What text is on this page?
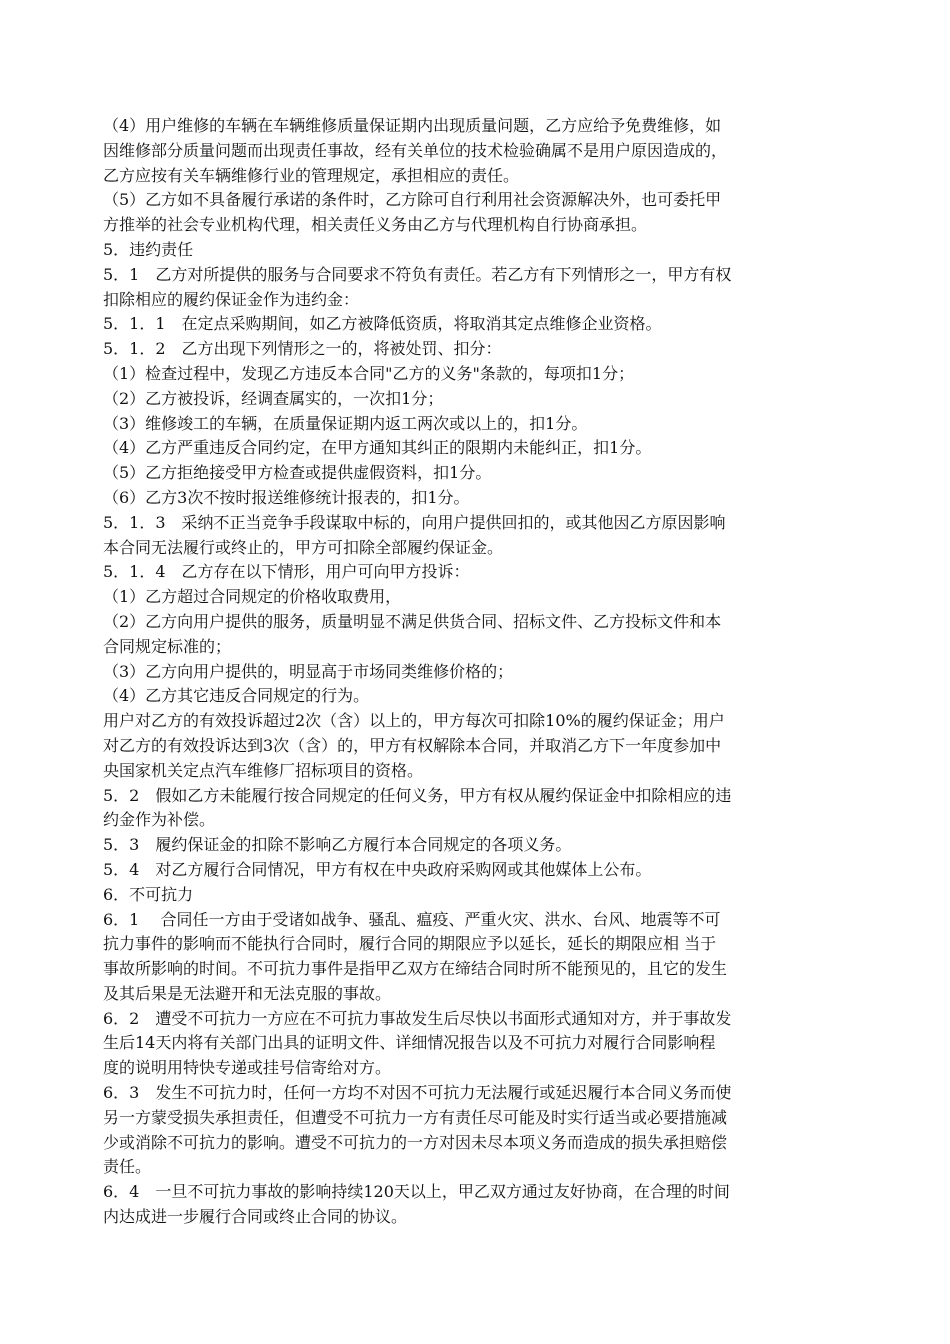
（4）用户维修的车辆在车辆维修质量保证期内出现质量问题，乙方应给予免费维修，如
因维修部分质量问题而出现责任事故，经有关单位的技术检验确属不是用户原因造成的，
乙方应按有关车辆维修行业的管理规定，承担相应的责任。
（5）乙方如不具备履行承诺的条件时，乙方除可自行利用社会资源解决外，也可委托甲
方推举的社会专业机构代理，相关责任义务由乙方与代理机构自行协商承担。
5．违约责任
5．1　乙方对所提供的服务与合同要求不符负有责任。若乙方有下列情形之一，甲方有权
扣除相应的履约保证金作为违约金：
5．1．1　在定点采购期间，如乙方被降低资质，将取消其定点维修企业资格。
5．1．2　乙方出现下列情形之一的，将被处罚、扣分：
（1）检查过程中，发现乙方违反本合同"乙方的义务"条款的，每项扣1分；
（2）乙方被投诉，经调查属实的，一次扣1分；
（3）维修竣工的车辆，在质量保证期内返工两次或以上的，扣1分。
（4）乙方严重违反合同约定，在甲方通知其纠正的限期内未能纠正，扣1分。
（5）乙方拒绝接受甲方检查或提供虚假资料，扣1分。
（6）乙方3次不按时报送维修统计报表的，扣1分。
5．1．3　采纳不正当竞争手段谋取中标的，向用户提供回扣的，或其他因乙方原因影响
本合同无法履行或终止的，甲方可扣除全部履约保证金。
5．1．4　乙方存在以下情形，用户可向甲方投诉：
（1）乙方超过合同规定的价格收取费用，
（2）乙方向用户提供的服务，质量明显不满足供货合同、招标文件、乙方投标文件和本
合同规定标准的；
（3）乙方向用户提供的，明显高于市场同类维修价格的；
（4）乙方其它违反合同规定的行为。
用户对乙方的有效投诉超过2次（含）以上的，甲方每次可扣除10%的履约保证金；用户
对乙方的有效投诉达到3次（含）的，甲方有权解除本合同，并取消乙方下一年度参加中
央国家机关定点汽车维修厂招标项目的资格。
5．2　假如乙方未能履行按合同规定的任何义务，甲方有权从履约保证金中扣除相应的违
约金作为补偿。
5．3　履约保证金的扣除不影响乙方履行本合同规定的各项义务。
5．4　对乙方履行合同情况，甲方有权在中央政府采购网或其他媒体上公布。
6．不可抗力
6．1　 合同任一方由于受诸如战争、骚乱、瘟疫、严重火灾、洪水、台风、地震等不可
抗力事件的影响而不能执行合同时，履行合同的期限应予以延长，延长的期限应相 当于
事故所影响的时间。不可抗力事件是指甲乙双方在缔结合同时所不能预见的，且它的发生
及其后果是无法避开和无法克服的事故。
6．2　遭受不可抗力一方应在不可抗力事故发生后尽快以书面形式通知对方，并于事故发
生后14天内将有关部门出具的证明文件、详细情况报告以及不可抗力对履行合同影响程
度的说明用特快专递或挂号信寄给对方。
6．3　发生不可抗力时，任何一方均不对因不可抗力无法履行或延迟履行本合同义务而使
另一方蒙受损失承担责任，但遭受不可抗力一方有责任尽可能及时实行适当或必要措施减
少或消除不可抗力的影响。遭受不可抗力的一方对因未尽本项义务而造成的损失承担赔偿
责任。
6．4　一旦不可抗力事故的影响持续120天以上，甲乙双方通过友好协商，在合理的时间
内达成进一步履行合同或终止合同的协议。
